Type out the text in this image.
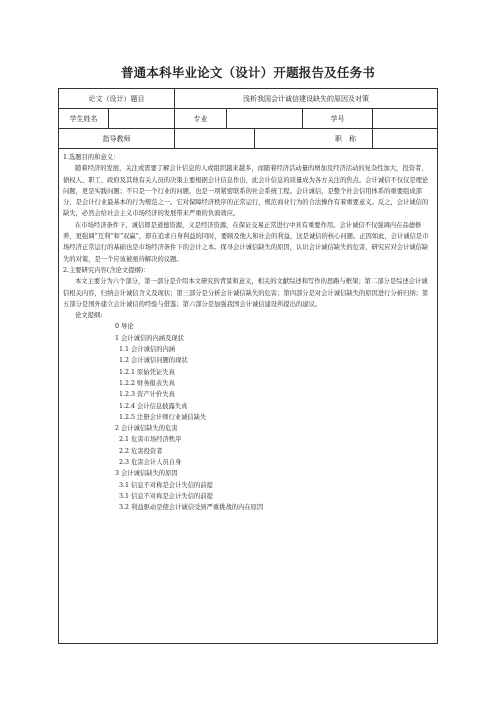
普通本科毕业论文（设计）开题报告及任务书
论文（设计）题目	浅析我国会计诚信建设缺失的原因及对策
学生姓名	专业	学号
指导教师	职　称

1.选题目的和意义：

随着经济的发展，关注或需要了解会计信息的人或组织越来越多，而随着经济活动量的增加及经济活动的复杂性加大，投资者、债权人、职工、政府及其他有关人员的决策主要根据会计信息作出，此会计信息的质量成为各方关注的焦点。会计诚信不仅仅是理论问题，更是实践问题；不只是一个行业的问题，也是一项紧密联系的社会系统工程。会计诚信，是整个社会信用体系的重要组成部分，是会计行业最基本的行为规范之一。它对保障经济秩序的正常运行，规范商业行为的合法操作有着重要意义。反之，会计诚信的缺失，必然会给社会主义市场经济的发展带来严重的负面效应。

在市场经济条件下，诚信即是道德资源，又是经济资源，在保证交易正常进行中具有重要作用。会计诚信不仅强调内在品德修养，更强调“互利”和“双赢”，即在追求自身利益的同时，要顾及他人和社会的利益，这是诚信的核心问题。正因如此，会计诚信是市场经济正常运行的基础也是市场经济条件下的会计之本。探寻会计诚信缺失的原因，认识会计诚信缺失的危害，研究应对会计诚信缺失的对策，是一个应该被亟待解决的议题。

2.主要研究内容(含论文提纲)：

本文主要分为六个部分，第一部分是介绍本文研究的背景和意义，相关的文献综述和写作的思路与框架；第二部分是综述会计诚信相关内容，归纳会计诚信含义及现状；第三部分是分析会计诚信缺失的危害；第四部分是对会计诚信缺失的原因进行分析归纳；第五部分是国外建立会计诚信的经验与借鉴；第六部分是加强我国会计诚信建设所提出的建议。

论文提纲:

0 导论
1 会计诚信的内涵及现状
1.1 会计诚信的内涵
1.2 会计诚信问题的现状
1.2.1 原始凭证失真
1.2.2 财务报表失真
1.2.3 资产计价失真
1.2.4 会计信息披露失真
1.2.5 注册会计师行业诚信缺失
2 会计诚信缺失的危害
2.1 危害市场经济秩序
2.2 危害投资者
2.3 危害会计人员自身
3 会计诚信缺失的原因
3.1 信息不对称是会计失信的前提
3.1 信息不对称是会计失信的前提
3.2 利益驱动是使会计诚信受到严重挑战的内在原因
